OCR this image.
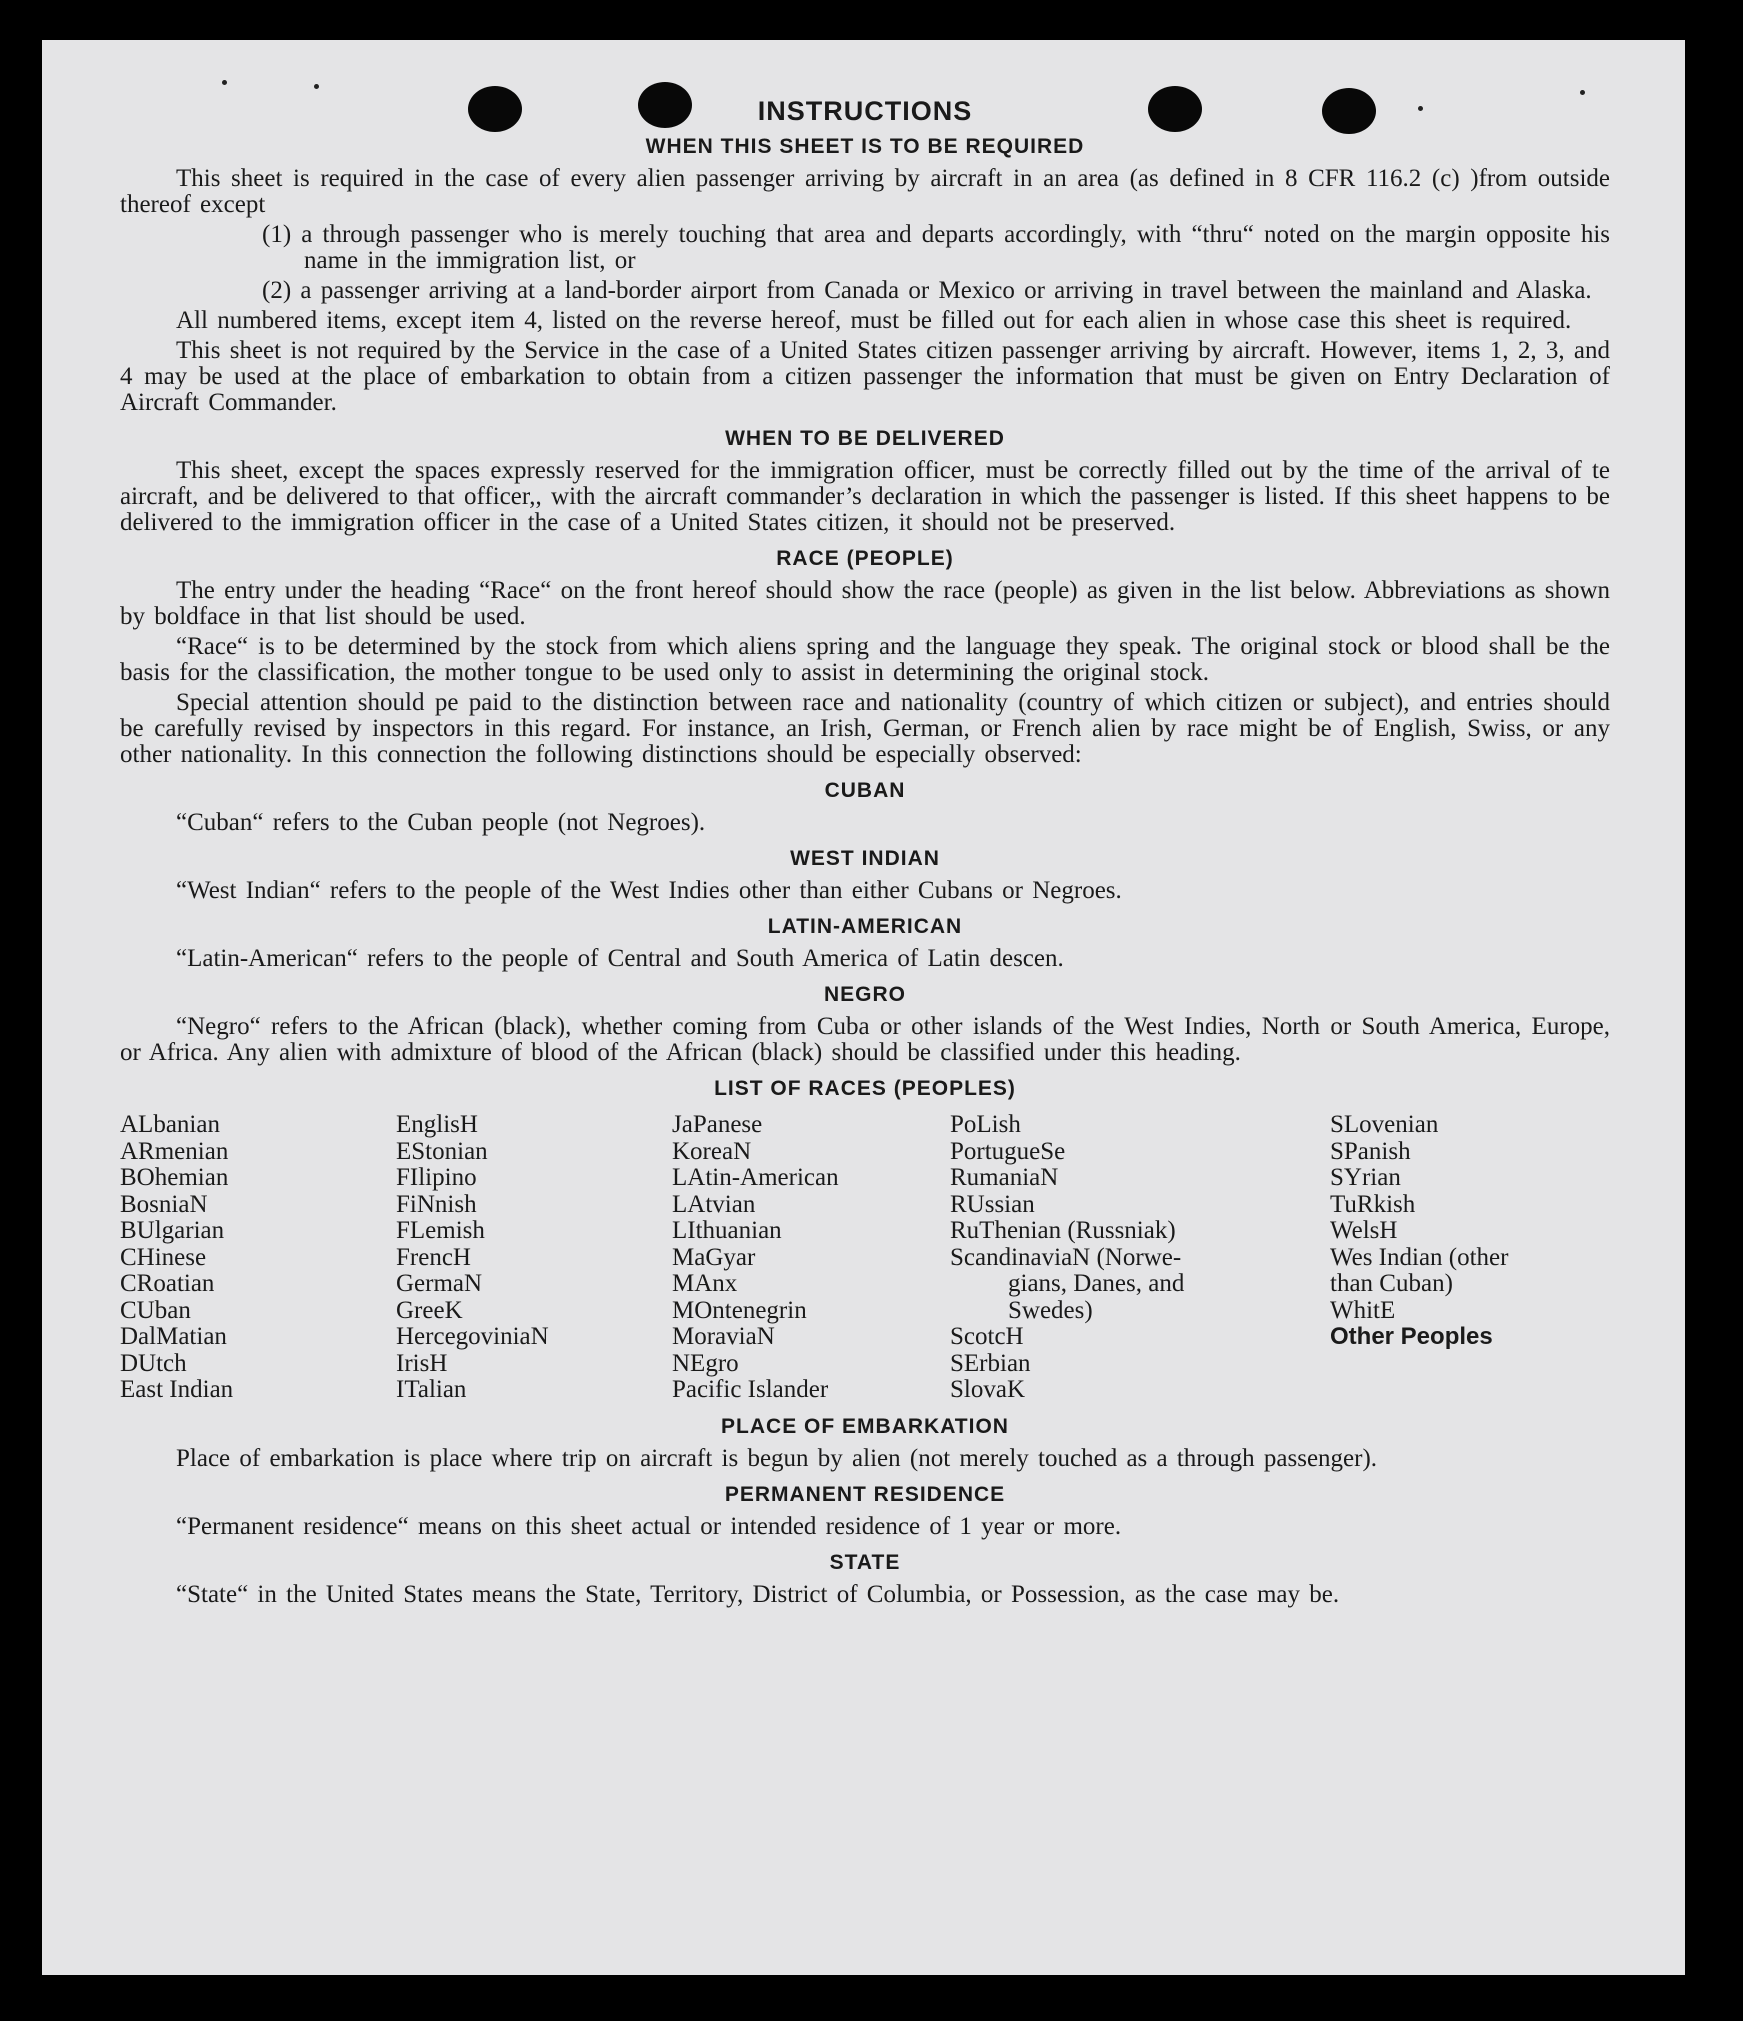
INSTRUCTIONS
WHEN THIS SHEET IS TO BE REQUIRED

This sheet is required in the case of every alien passenger arriving by aircraft in an area (as defined in 8 CFR 116.2 (c) )from outside thereof except

(1) a through passenger who is merely touching that area and departs accordingly, with “thru“ noted on the margin opposite his name in the immigration list, or
(2) a passenger arriving at a land-border airport from Canada or Mexico or arriving in travel between the mainland and Alaska.

All numbered items, except item 4, listed on the reverse hereof, must be filled out for each alien in whose case this sheet is required.

This sheet is not required by the Service in the case of a United States citizen passenger arriving by aircraft. However, items 1, 2, 3, and 4 may be used at the place of embarkation to obtain from a citizen passenger the information that must be given on Entry Declaration of Aircraft Commander.

WHEN TO BE DELIVERED

This sheet, except the spaces expressly reserved for the immigration officer, must be correctly filled out by the time of the arrival of te aircraft, and be delivered to that officer,, with the aircraft commander’s declaration in which the passenger is listed. If this sheet happens to be delivered to the immigration officer in the case of a United States citizen, it should not be preserved.

RACE (PEOPLE)

The entry under the heading “Race“ on the front hereof should show the race (people) as given in the list below. Abbreviations as shown by boldface in that list should be used.

“Race“ is to be determined by the stock from which aliens spring and the language they speak. The original stock or blood shall be the basis for the classification, the mother tongue to be used only to assist in determining the original stock.

Special attention should pe paid to the distinction between race and nationality (country of which citizen or subject), and entries should be carefully revised by inspectors in this regard. For instance, an Irish, German, or French alien by race might be of English, Swiss, or any other nationality. In this connection the following distinctions should be especially observed:

CUBAN

“Cuban“ refers to the Cuban people (not Negroes).

WEST INDIAN

“West Indian“ refers to the people of the West Indies other than either Cubans or Negroes.

LATIN-AMERICAN

“Latin-American“ refers to the people of Central and South America of Latin descen.

NEGRO

“Negro“ refers to the African (black), whether coming from Cuba or other islands of the West Indies, North or South America, Europe, or Africa. Any alien with admixture of blood of the African (black) should be classified under this heading.

LIST OF RACES (PEOPLES)
ALbanian
ARmenian
BOhemian
BosniaN
BUlgarian
CHinese
CRoatian
CUban
DalMatian
DUtch
East Indian
EnglisH
EStonian
FIlipino
FiNnish
FLemish
FrencH
GermaN
GreeK
HercegoviniaN
IrisH
ITalian
JaPanese
KoreaN
LAtin-American
LAtvian
LIthuanian
MaGyar
MAnx
MOntenegrin
MoraviaN
NEgro
Pacific Islander
PoLish
PortugueSe
RumaniaN
RUssian
RuThenian (Russniak)
ScandinaviaN (Norwe-
gians, Danes, and
Swedes)
ScotcH
SErbian
SlovaK
SLovenian
SPanish
SYrian
TuRkish
WelsH
Wes Indian (other
than Cuban)
WhitE
Other Peoples
PLACE OF EMBARKATION

Place of embarkation is place where trip on aircraft is begun by alien (not merely touched as a through passenger).

PERMANENT RESIDENCE

“Permanent residence“ means on this sheet actual or intended residence of 1 year or more.

STATE

“State“ in the United States means the State, Territory, District of Columbia, or Possession, as the case may be.
